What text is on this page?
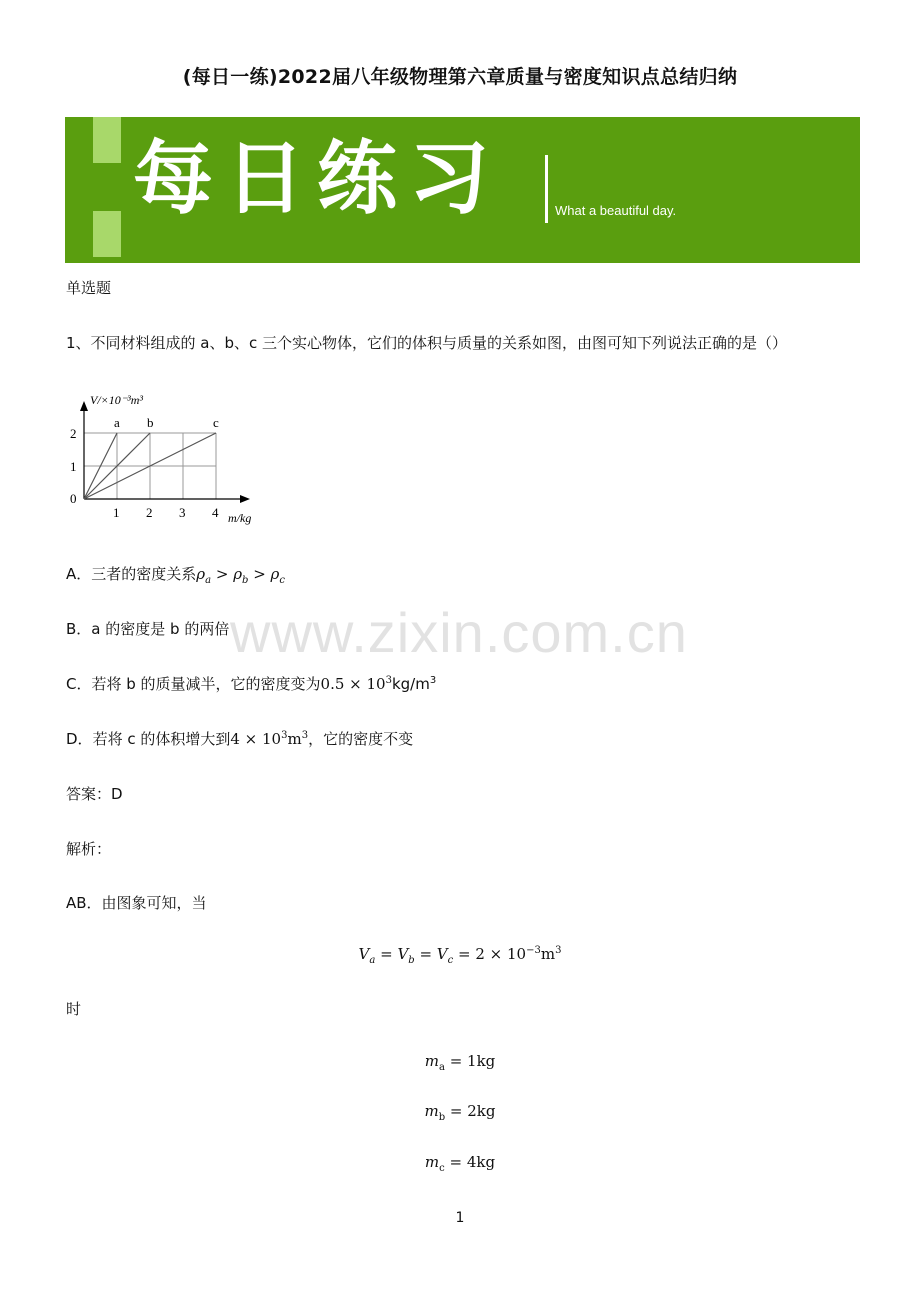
(每日一练)2022届八年级物理第六章质量与密度知识点总结归纳
每日练习	What a beautiful day.
单选题
1、不同材料组成的 a、b、c 三个实心物体，它们的体积与质量的关系如图，由图可知下列说法正确的是（）
a b	c
1 2 3 4
1
2
0
m/kg
V/×10⁻³m³
A．三者的密度关系$\rho_a > \rho_b > \rho_c$
B．a 的密度是 b 的两倍
C．若将 b 的质量减半，它的密度变为$0.5 \times 10^3kg/m^3$
D．若将 c 的体积增大到$4 \times 10^3m^3$，它的密度不变
www.zixin.com.cn
答案：D
解析：
AB．由图象可知，当
$V_a = V_b = V_c = 2 \times 10^{-3}m^3$
时
$m_a = 1kg$
$m_b = 2kg$
$m_c = 4kg$
1
